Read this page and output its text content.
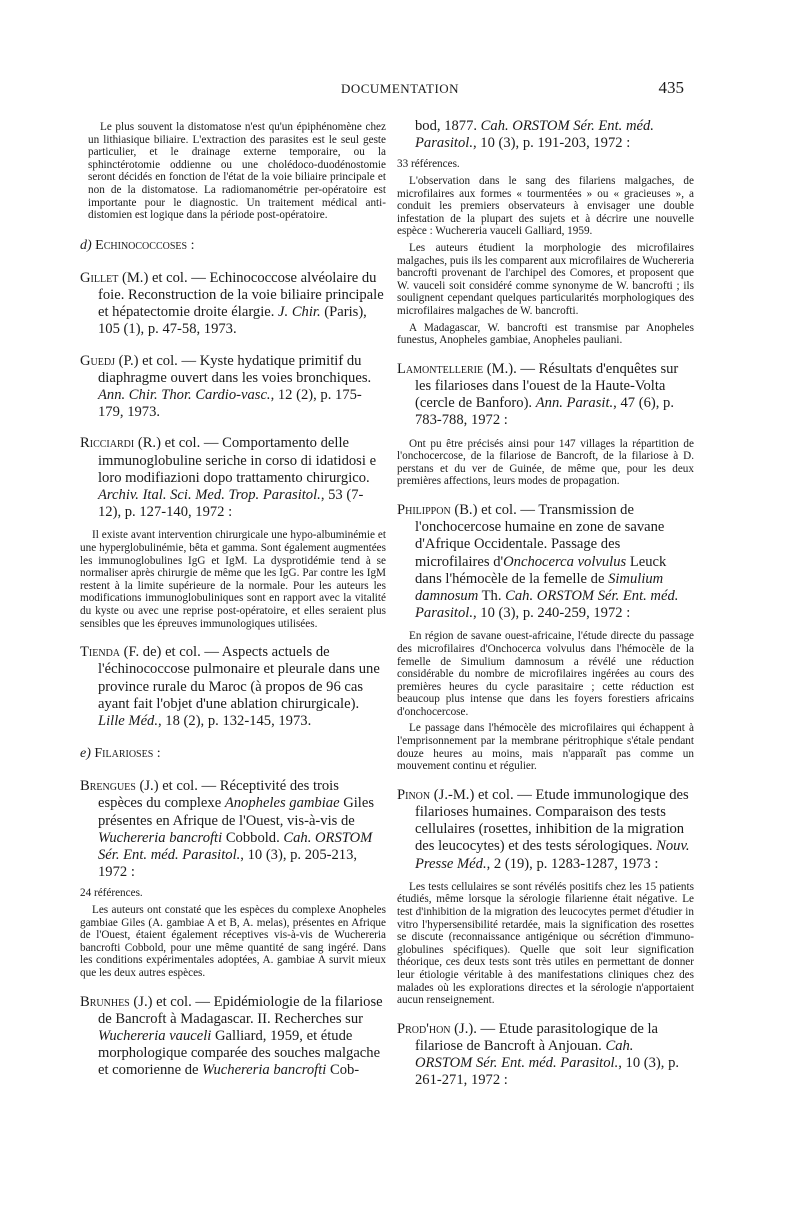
DOCUMENTATION	435

Le plus souvent la distomatose n'est qu'un épiphénomène chez un lithiasique biliaire. L'extraction des parasites est le seul geste particulier, et le drainage externe temporaire, ou la sphinctérotomie oddienne ou une cholédoco-duodénostomie seront décidés en fonction de l'état de la voie biliaire principale et non de la distomatose. La radiomanométrie per-opératoire est importante pour le diagnostic. Un traitement médical anti-distomien est logique dans la période post-opératoire.

d) Echinococcoses :
Gillet (M.) et col. — Echinococcose alvéolaire du foie. Reconstruction de la voie biliaire principale et hépatectomie droite élargie. J. Chir. (Paris), 105 (1), p. 47-58, 1973.
Guedj (P.) et col. — Kyste hydatique primitif du diaphragme ouvert dans les voies bronchiques. Ann. Chir. Thor. Cardio-vasc., 12 (2), p. 175-179, 1973.
Ricciardi (R.) et col. — Comportamento delle immunoglobuline seriche in corso di idatidosi e loro modifiazioni dopo trattamento chirurgico. Archiv. Ital. Sci. Med. Trop. Parasitol., 53 (7-12), p. 127-140, 1972 :

Il existe avant intervention chirurgicale une hypo-albuminémie et une hyperglobulinémie, bêta et gamma. Sont également augmentées les immunoglobulines IgG et IgM. La dysprotidémie tend à se normaliser après chirurgie de même que les IgG. Par contre les IgM restent à la limite supérieure de la normale. Pour les auteurs les modifications immunoglobuliniques sont en rapport avec la vitalité du kyste ou avec une reprise post-opératoire, et elles seraient plus sensibles que les épreuves immunologiques utilisées.

Tienda (F. de) et col. — Aspects actuels de l'échinococcose pulmonaire et pleurale dans une province rurale du Maroc (à propos de 96 cas ayant fait l'objet d'une ablation chirurgicale). Lille Méd., 18 (2), p. 132-145, 1973.
e) Filarioses :
Brengues (J.) et col. — Réceptivité des trois espèces du complexe Anopheles gambiae Giles présentes en Afrique de l'Ouest, vis-à-vis de Wuchereria bancrofti Cobbold. Cah. ORSTOM Sér. Ent. méd. Parasitol., 10 (3), p. 205-213, 1972 :

24 références.

Les auteurs ont constaté que les espèces du complexe Anopheles gambiae Giles (A. gambiae A et B, A. melas), présentes en Afrique de l'Ouest, étaient également réceptives vis-à-vis de Wuchereria bancrofti Cobbold, pour une même quantité de sang ingéré. Dans les conditions expérimentales adoptées, A. gambiae A survit mieux que les deux autres espèces.

Brunhes (J.) et col. — Epidémiologie de la filariose de Bancroft à Madagascar. II. Recherches sur Wuchereria vauceli Galliard, 1959, et étude morphologique comparée des souches malgache et comorienne de Wuchereria bancrofti Cob-
bod, 1877. Cah. ORSTOM Sér. Ent. méd. Parasitol., 10 (3), p. 191-203, 1972 :

33 références.

L'observation dans le sang des filariens malgaches, de microfilaires aux formes « tourmentées » ou « gracieuses », a conduit les premiers observateurs à envisager une double infestation de la plupart des sujets et à décrire une nouvelle espèce : Wuchereria vauceli Galliard, 1959.

Les auteurs étudient la morphologie des microfilaires malgaches, puis ils les comparent aux microfilaires de Wuchereria bancrofti provenant de l'archipel des Comores, et proposent que W. vauceli soit considéré comme synonyme de W. bancrofti ; ils soulignent cependant quelques particularités morphologiques des microfilaires malgaches de W. bancrofti.

A Madagascar, W. bancrofti est transmise par Anopheles funestus, Anopheles gambiae, Anopheles pauliani.

Lamontellerie (M.). — Résultats d'enquêtes sur les filarioses dans l'ouest de la Haute-Volta (cercle de Banforo). Ann. Parasit., 47 (6), p. 783-788, 1972 :

Ont pu être précisés ainsi pour 147 villages la répartition de l'onchocercose, de la filariose de Bancroft, de la filariose à D. perstans et du ver de Guinée, de même que, pour les deux premières affections, leurs modes de propagation.

Philippon (B.) et col. — Transmission de l'onchocercose humaine en zone de savane d'Afrique Occidentale. Passage des microfilaires d'Onchocerca volvulus Leuck dans l'hémocèle de la femelle de Simulium damnosum Th. Cah. ORSTOM Sér. Ent. méd. Parasitol., 10 (3), p. 240-259, 1972 :

En région de savane ouest-africaine, l'étude directe du passage des microfilaires d'Onchocerca volvulus dans l'hémocèle de la femelle de Simulium damnosum a révélé une réduction considérable du nombre de microfilaires ingérées au cours des premières heures du cycle parasitaire ; cette réduction est beaucoup plus intense que dans les foyers forestiers africains d'onchocercose.

Le passage dans l'hémocèle des microfilaires qui échappent à l'emprisonnement par la membrane péritrophique s'étale pendant douze heures au moins, mais n'apparaît pas comme un mouvement continu et régulier.

Pinon (J.-M.) et col. — Etude immunologique des filarioses humaines. Comparaison des tests cellulaires (rosettes, inhibition de la migration des leucocytes) et des tests sérologiques. Nouv. Presse Méd., 2 (19), p. 1283-1287, 1973 :

Les tests cellulaires se sont révélés positifs chez les 15 patients étudiés, même lorsque la sérologie filarienne était négative. Le test d'inhibition de la migration des leucocytes permet d'étudier in vitro l'hypersensibilité retardée, mais la signification des rosettes se discute (reconnaissance antigénique ou sécrétion d'immuno-globulines spécifiques). Quelle que soit leur signification théorique, ces deux tests sont très utiles en permettant de donner leur étiologie véritable à des manifestations cliniques chez des malades où les explorations directes et la sérologie n'apportaient aucun renseignement.

Prod'hon (J.). — Etude parasitologique de la filariose de Bancroft à Anjouan. Cah. ORSTOM Sér. Ent. méd. Parasitol., 10 (3), p. 261-271, 1972 :
